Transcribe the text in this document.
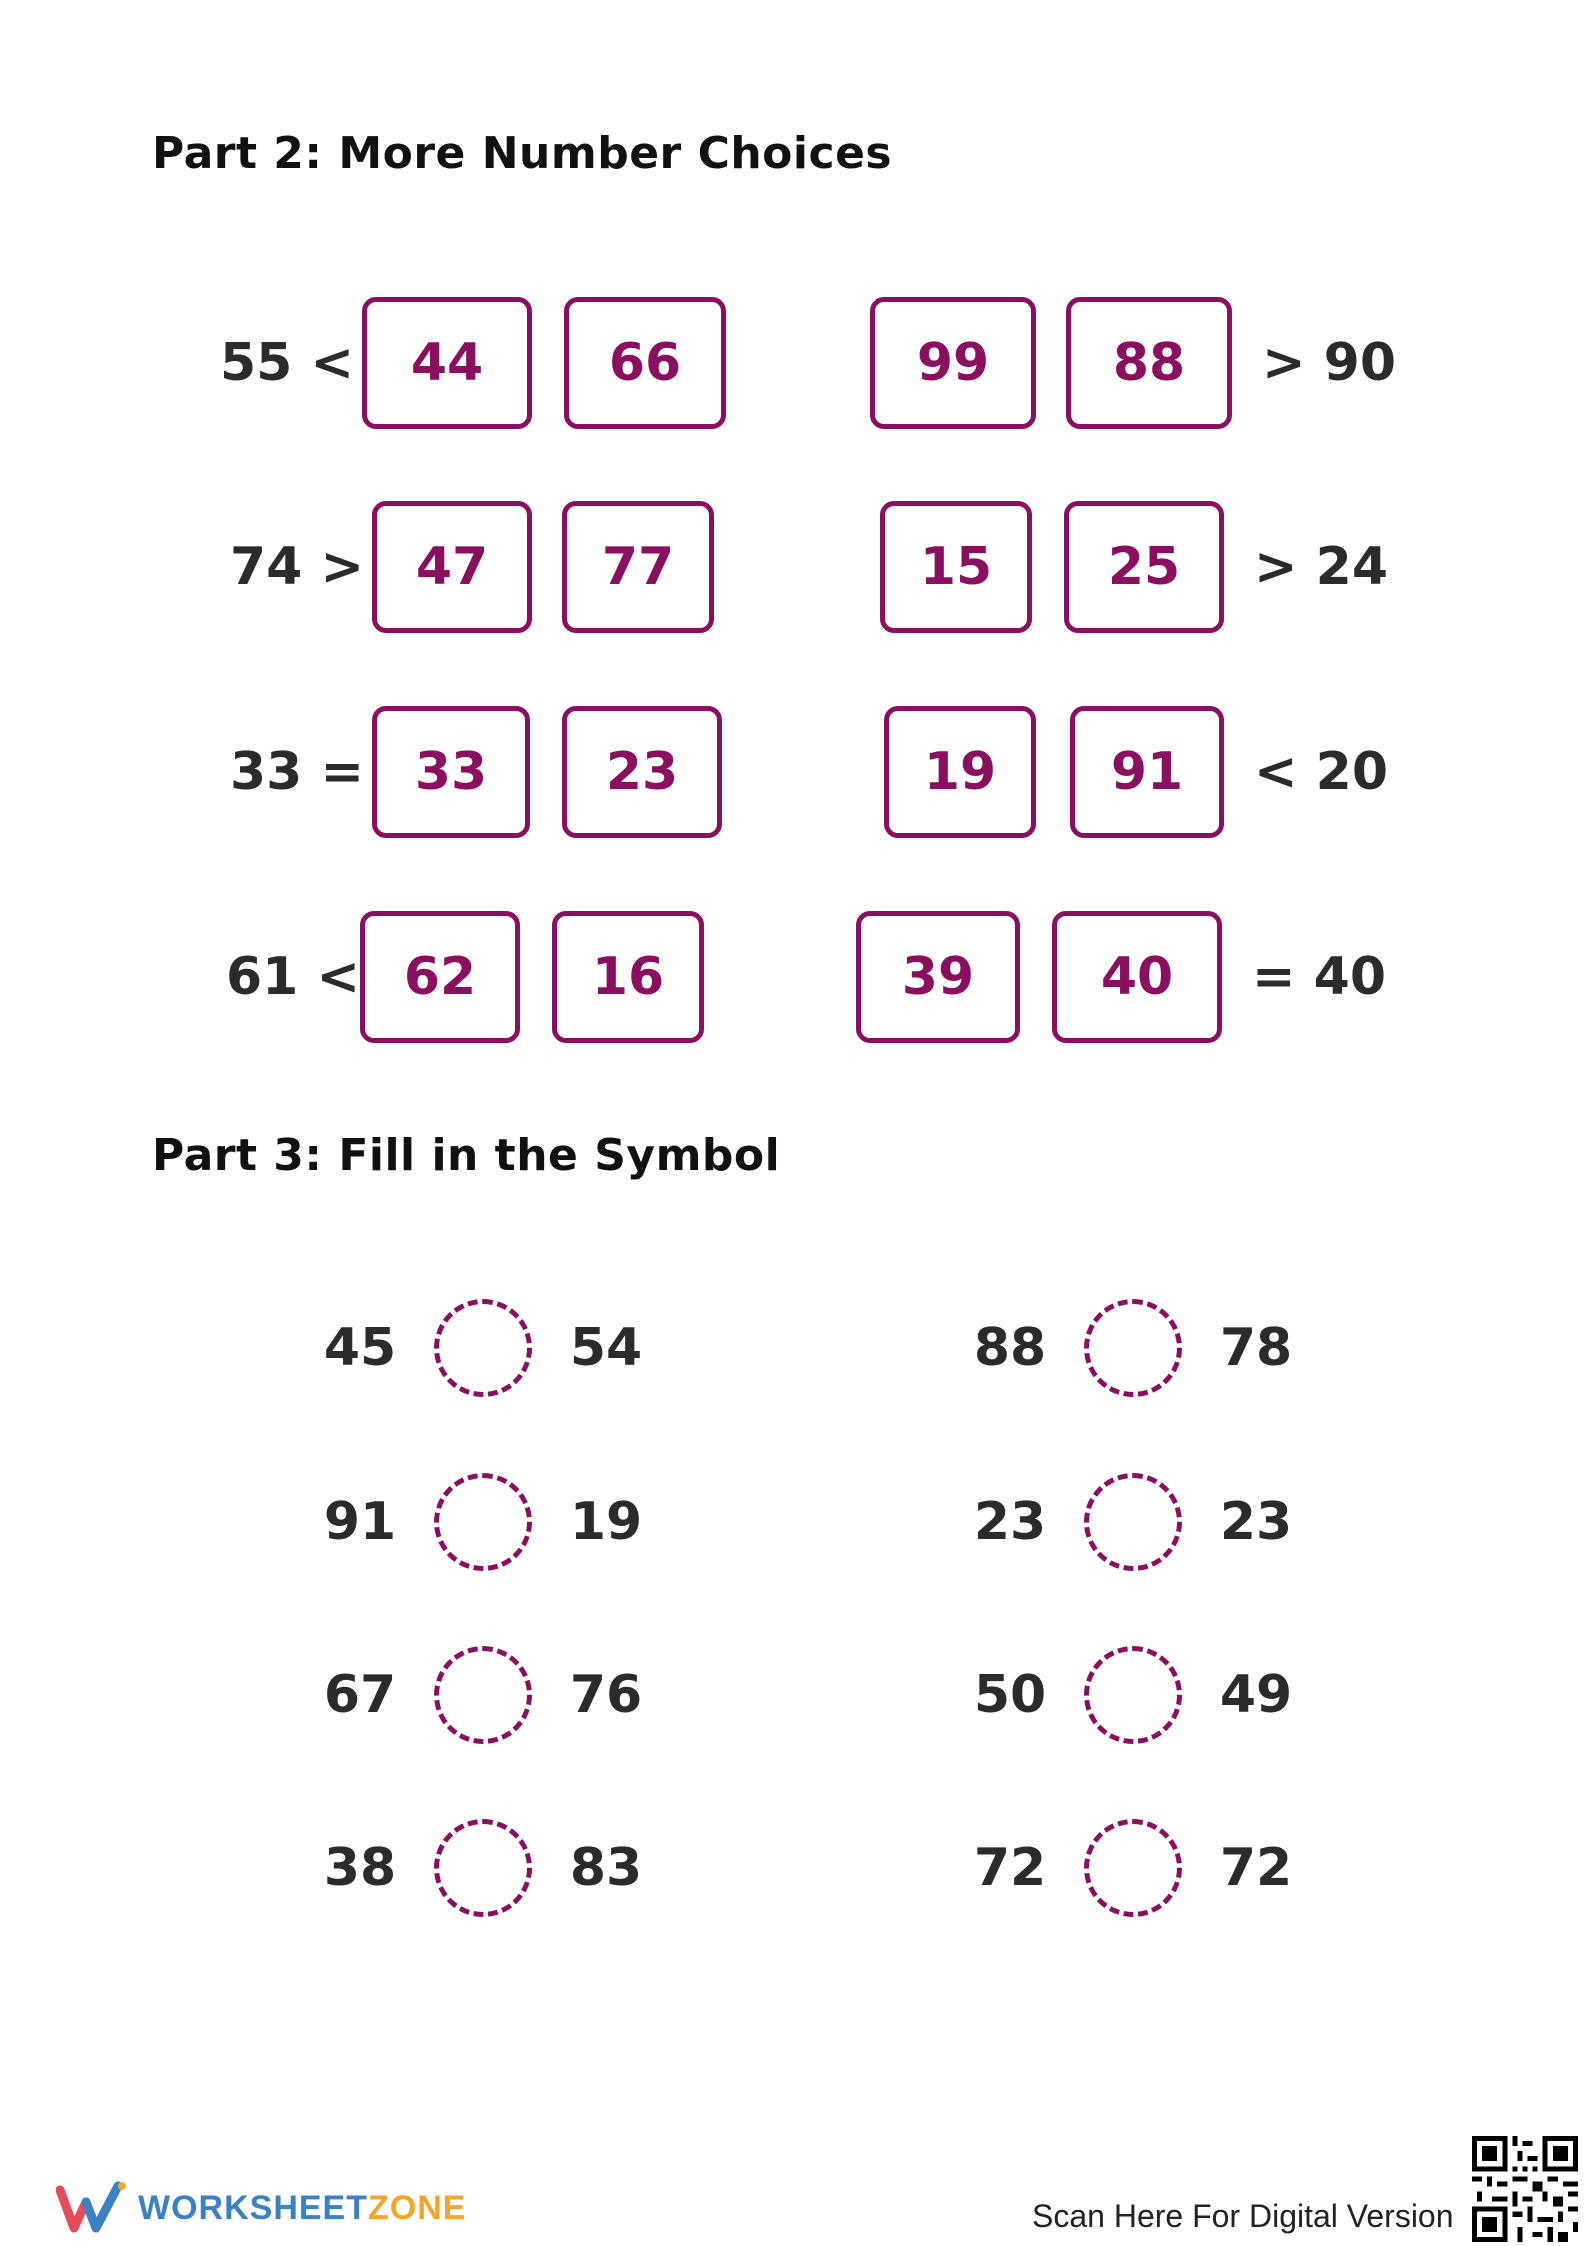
Part 2: More Number Choices
55 <	44	66	99	88	> 90
74 > 47	77	15	25	> 24
33 = 33	23	19	91	< 20
61 < 62	16	39	40	= 40
Part 3: Fill in the Symbol
45	54	88	78
91	19	23	23
67	76	50	49
38	83	72	72
WORKSHEETZONE	Scan Here For Digital Version
